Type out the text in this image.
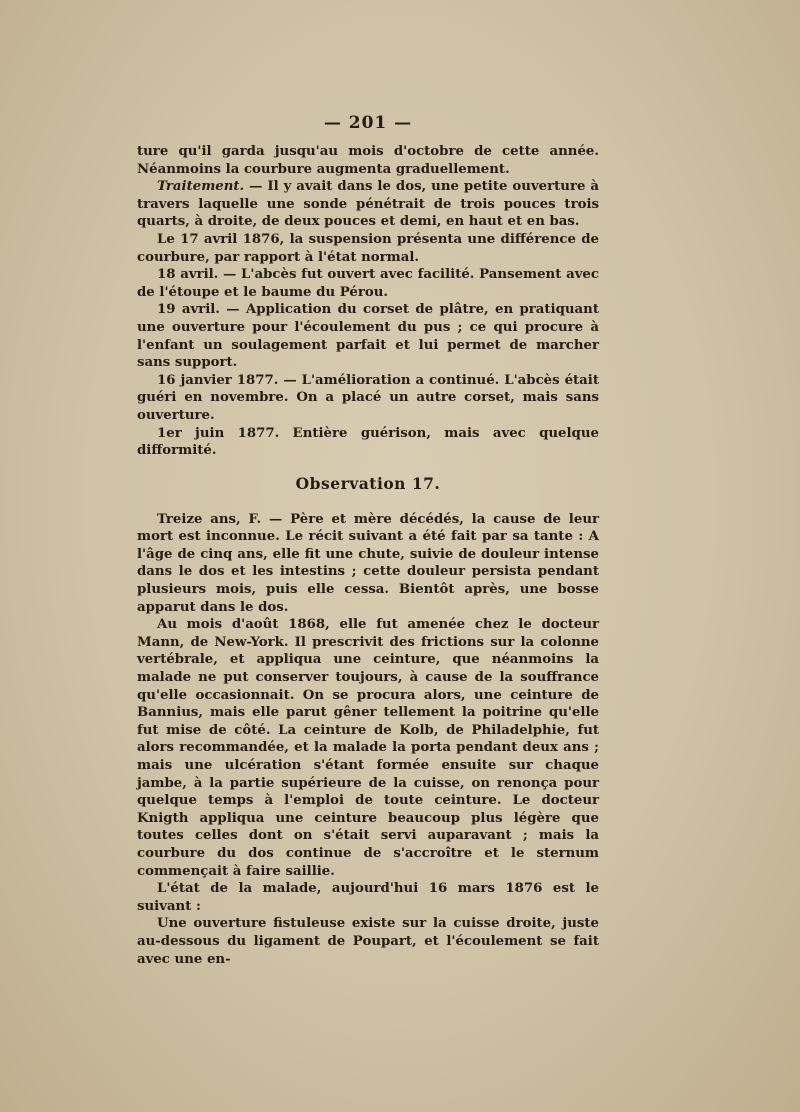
— 201 —

ture qu'il garda jusqu'au mois d'octobre de cette année. Néanmoins la courbure augmenta graduellement.

Traitement. — Il y avait dans le dos, une petite ouverture à travers laquelle une sonde pénétrait de trois pouces trois quarts, à droite, de deux pouces et demi, en haut et en bas.

Le 17 avril 1876, la suspension présenta une différence de courbure, par rapport à l'état normal.

18 avril. — L'abcès fut ouvert avec facilité. Pansement avec de l'étoupe et le baume du Pérou.

19 avril. — Application du corset de plâtre, en pratiquant une ouverture pour l'écoulement du pus ; ce qui procure à l'enfant un soulagement parfait et lui permet de marcher sans support.

16 janvier 1877. — L'amélioration a continué. L'abcès était guéri en novembre. On a placé un autre corset, mais sans ouverture.

1er juin 1877. Entière guérison, mais avec quelque difformité.

Observation 17.

Treize ans, F. — Père et mère décédés, la cause de leur mort est inconnue. Le récit suivant a été fait par sa tante : A l'âge de cinq ans, elle fit une chute, suivie de douleur intense dans le dos et les intestins ; cette douleur persista pendant plusieurs mois, puis elle cessa. Bientôt après, une bosse apparut dans le dos.

Au mois d'août 1868, elle fut amenée chez le docteur Mann, de New-York. Il prescrivit des frictions sur la colonne vertébrale, et appliqua une ceinture, que néanmoins la malade ne put conserver toujours, à cause de la souffrance qu'elle occasionnait. On se procura alors, une ceinture de Bannius, mais elle parut gêner tellement la poitrine qu'elle fut mise de côté. La ceinture de Kolb, de Philadelphie, fut alors recommandée, et la malade la porta pendant deux ans ; mais une ulcération s'étant formée ensuite sur chaque jambe, à la partie supérieure de la cuisse, on renonça pour quelque temps à l'emploi de toute ceinture. Le docteur Knigth appliqua une ceinture beaucoup plus légère que toutes celles dont on s'était servi auparavant ; mais la courbure du dos continue de s'accroître et le sternum commençait à faire saillie.

L'état de la malade, aujourd'hui 16 mars 1876 est le suivant :

Une ouverture fistuleuse existe sur la cuisse droite, juste au-dessous du ligament de Poupart, et l'écoulement se fait avec une en-
